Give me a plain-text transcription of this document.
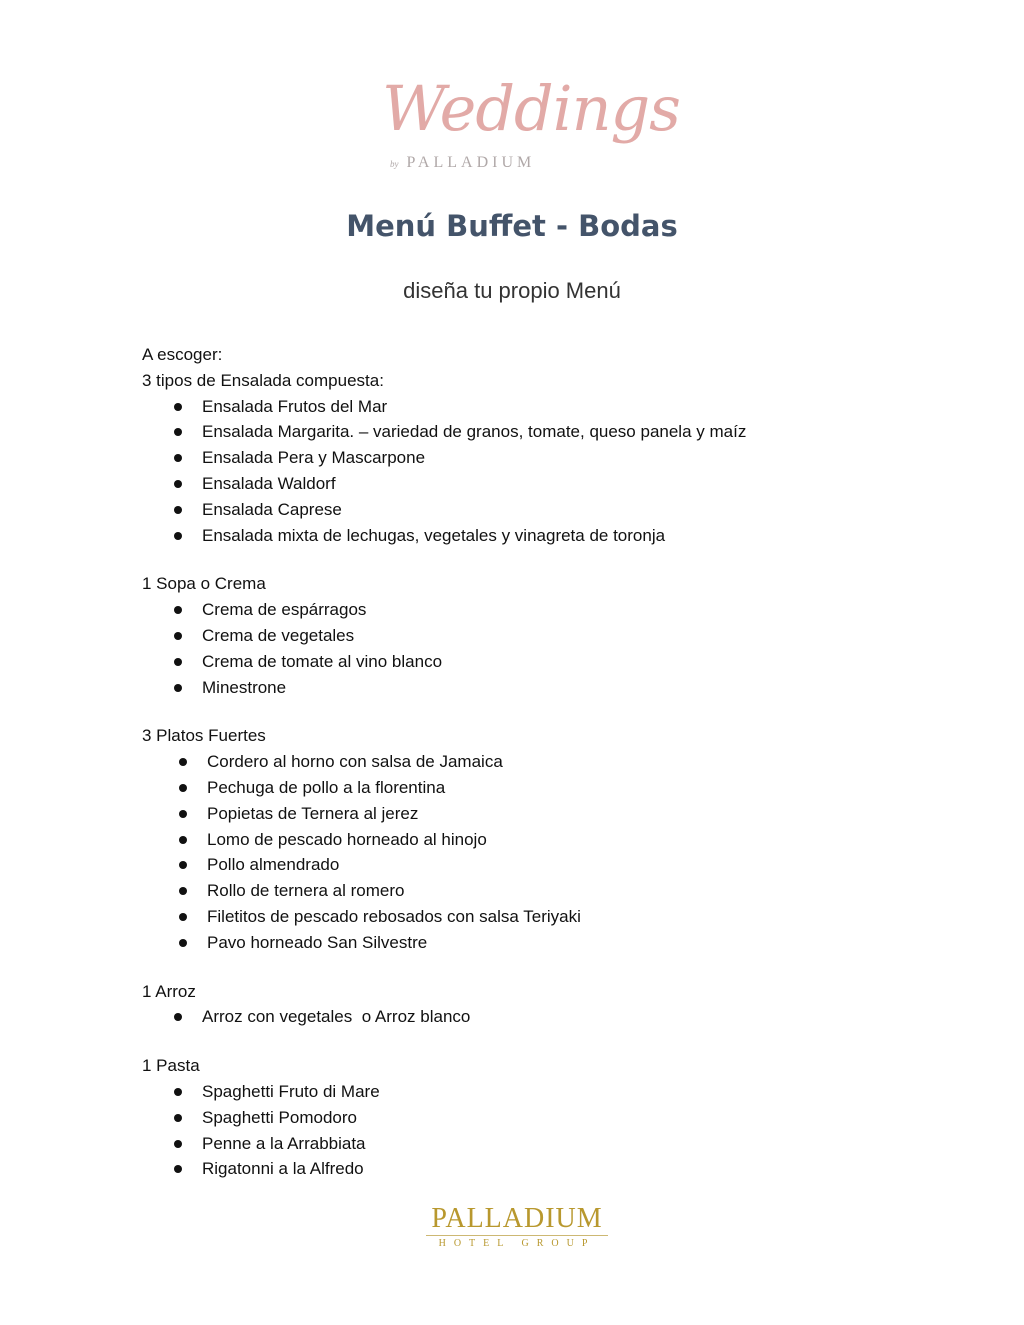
Weddings
by PALLADIUM
Menú Buffet - Bodas
diseña tu propio Menú
A escoger:
3 tipos de Ensalada compuesta:
Ensalada Frutos del Mar
Ensalada Margarita. – variedad de granos, tomate, queso panela y maíz
Ensalada Pera y Mascarpone
Ensalada Waldorf
Ensalada Caprese
Ensalada mixta de lechugas, vegetales y vinagreta de toronja
1 Sopa o Crema
Crema de espárragos
Crema de vegetales
Crema de tomate al vino blanco
Minestrone
3 Platos Fuertes
Cordero al horno con salsa de Jamaica
Pechuga de pollo a la florentina
Popietas de Ternera al jerez
Lomo de pescado horneado al hinojo
Pollo almendrado
Rollo de ternera al romero
Filetitos de pescado rebosados con salsa Teriyaki
Pavo horneado San Silvestre
1 Arroz
Arroz con vegetales  o Arroz blanco
1 Pasta
Spaghetti Fruto di Mare
Spaghetti Pomodoro
Penne a la Arrabbiata
Rigatonni a la Alfredo
PALLADIUM
HOTEL GROUP
